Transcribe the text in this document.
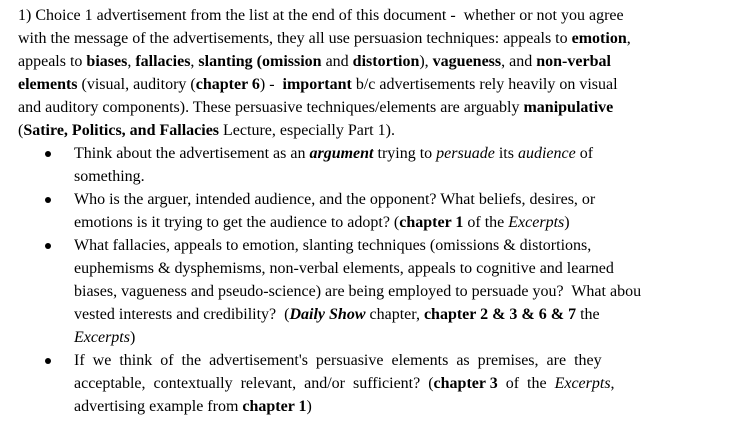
1) Choice 1 advertisement from the list at the end of this document -  whether or not you agree
with the message of the advertisements, they all use persuasion techniques: appeals to emotion,
appeals to biases, fallacies, slanting (omission and distortion), vagueness, and non-verbal
elements (visual, auditory (chapter 6) -  important b/c advertisements rely heavily on visual
and auditory components). These persuasive techniques/elements are arguably manipulative
(Satire, Politics, and Fallacies Lecture, especially Part 1).

Think about the advertisement as an argument trying to persuade its audience of
something.
Who is the arguer, intended audience, and the opponent? What beliefs, desires, or
emotions is it trying to get the audience to adopt? (chapter 1 of the Excerpts)
What fallacies, appeals to emotion, slanting techniques (omissions & distortions,
euphemisms & dysphemisms, non-verbal elements, appeals to cognitive and learned
biases, vagueness and pseudo-science) are being employed to persuade you?  What abou
vested interests and credibility?  (Daily Show chapter, chapter 2 & 3 & 6 & 7 the
Excerpts)
If  we  think  of  the  advertisement's  persuasive  elements  as  premises,  are  they
acceptable,  contextually  relevant,  and/or  sufficient?  (chapter 3  of  the  Excerpts,
advertising example from chapter 1)
